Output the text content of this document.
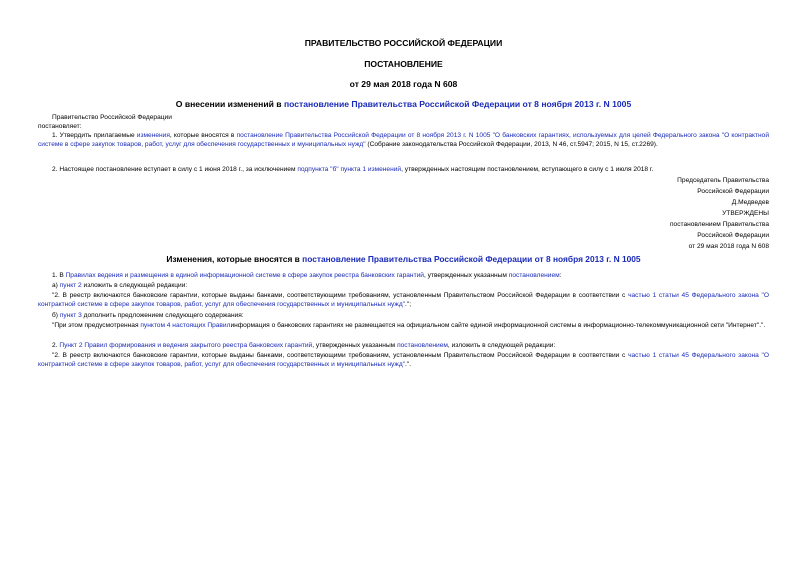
ПРАВИТЕЛЬСТВО РОССИЙСКОЙ ФЕДЕРАЦИИ
ПОСТАНОВЛЕНИЕ
от 29 мая 2018 года N 608
О внесении изменений в постановление Правительства Российской Федерации от 8 ноября 2013 г. N 1005
Правительство Российской Федерации
постановляет:
1. Утвердить прилагаемые изменения, которые вносятся в постановление Правительства Российской Федерации от 8 ноября 2013 г. N 1005 "О банковских гарантиях, используемых для целей Федерального закона "О контрактной системе в сфере закупок товаров, работ, услуг для обеспечения государственных и муниципальных нужд" (Собрание законодательства Российской Федерации, 2013, N 46, ст.5947; 2015, N 15, ст.2269).
2. Настоящее постановление вступает в силу с 1 июня 2018 г., за исключением подпункта "б" пункта 1 изменений, утвержденных настоящим постановлением, вступающего в силу с 1 июля 2018 г.
Председатель Правительства
Российской Федерации
Д.Медведев
УТВЕРЖДЕНЫ
постановлением Правительства
Российской Федерации
от 29 мая 2018 года N 608
Изменения, которые вносятся в постановление Правительства Российской Федерации от 8 ноября 2013 г. N 1005
1. В Правилах ведения и размещения в единой информационной системе в сфере закупок реестра банковских гарантий, утвержденных указанным постановлением:
а) пункт 2 изложить в следующей редакции:
"2. В реестр включаются банковские гарантии, которые выданы банками, соответствующими требованиям, установленным Правительством Российской Федерации в соответствии с частью 1 статьи 45 Федерального закона "О контрактной системе в сфере закупок товаров, работ, услуг для обеспечения государственных и муниципальных нужд".";
б) пункт 3 дополнить предложением следующего содержания:
"При этом предусмотренная пунктом 4 настоящих Правилинформация о банковских гарантиях не размещается на официальном сайте единой информационной системы в информационно-телекоммуникационной сети "Интернет".".
2. Пункт 2 Правил формирования и ведения закрытого реестра банковских гарантий, утвержденных указанным постановлением, изложить в следующей редакции:
"2. В реестр включаются банковские гарантии, которые выданы банками, соответствующими требованиям, установленным Правительством Российской Федерации в соответствии с частью 1 статьи 45 Федерального закона "О контрактной системе в сфере закупок товаров, работ, услуг для обеспечения государственных и муниципальных нужд".".
